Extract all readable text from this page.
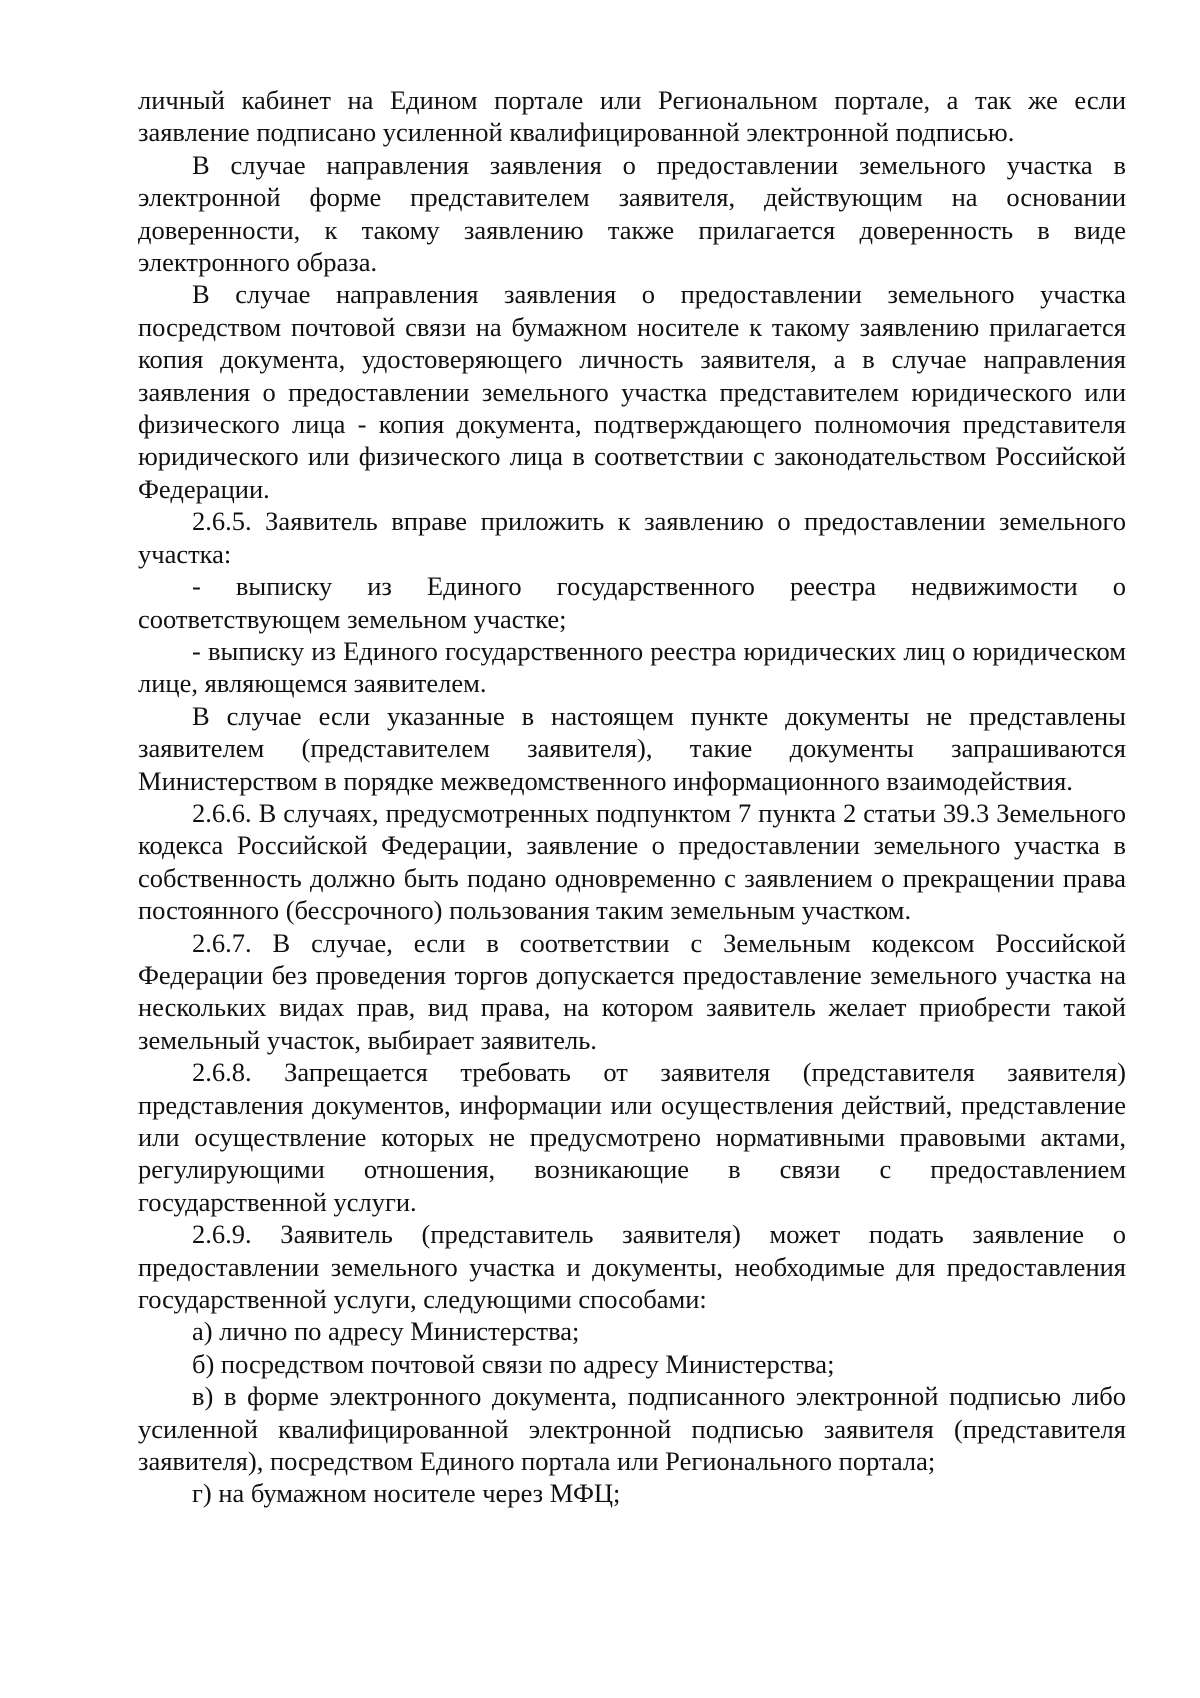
личный кабинет на Едином портале или Региональном портале, а так же если заявление подписано усиленной квалифицированной электронной подписью.

В случае направления заявления о предоставлении земельного участка в электронной форме представителем заявителя, действующим на основании доверенности, к такому заявлению также прилагается доверенность в виде электронного образа.

В случае направления заявления о предоставлении земельного участка посредством почтовой связи на бумажном носителе к такому заявлению прилагается копия документа, удостоверяющего личность заявителя, а в случае направления заявления о предоставлении земельного участка представителем юридического или физического лица - копия документа, подтверждающего полномочия представителя юридического или физического лица в соответствии с законодательством Российской Федерации.

2.6.5. Заявитель вправе приложить к заявлению о предоставлении земельного участка:

- выписку из Единого государственного реестра недвижимости о соответствующем земельном участке;

- выписку из Единого государственного реестра юридических лиц о юридическом лице, являющемся заявителем.

В случае если указанные в настоящем пункте документы не представлены заявителем (представителем заявителя), такие документы запрашиваются Министерством в порядке межведомственного информационного взаимодействия.

2.6.6. В случаях, предусмотренных подпунктом 7 пункта 2 статьи 39.3 Земельного кодекса Российской Федерации, заявление о предоставлении земельного участка в собственность должно быть подано одновременно с заявлением о прекращении права постоянного (бессрочного) пользования таким земельным участком.

2.6.7. В случае, если в соответствии с Земельным кодексом Российской Федерации без проведения торгов допускается предоставление земельного участка на нескольких видах прав, вид права, на котором заявитель желает приобрести такой земельный участок, выбирает заявитель.

2.6.8. Запрещается требовать от заявителя (представителя заявителя) представления документов, информации или осуществления действий, представление или осуществление которых не предусмотрено нормативными правовыми актами, регулирующими отношения, возникающие в связи с предоставлением государственной услуги.

2.6.9. Заявитель (представитель заявителя) может подать заявление о предоставлении земельного участка и документы, необходимые для предоставления государственной услуги, следующими способами:

а) лично по адресу Министерства;

б) посредством почтовой связи по адресу Министерства;

в) в форме электронного документа, подписанного электронной подписью либо усиленной квалифицированной электронной подписью заявителя (представителя заявителя), посредством Единого портала или Регионального портала;

г) на бумажном носителе через МФЦ;
